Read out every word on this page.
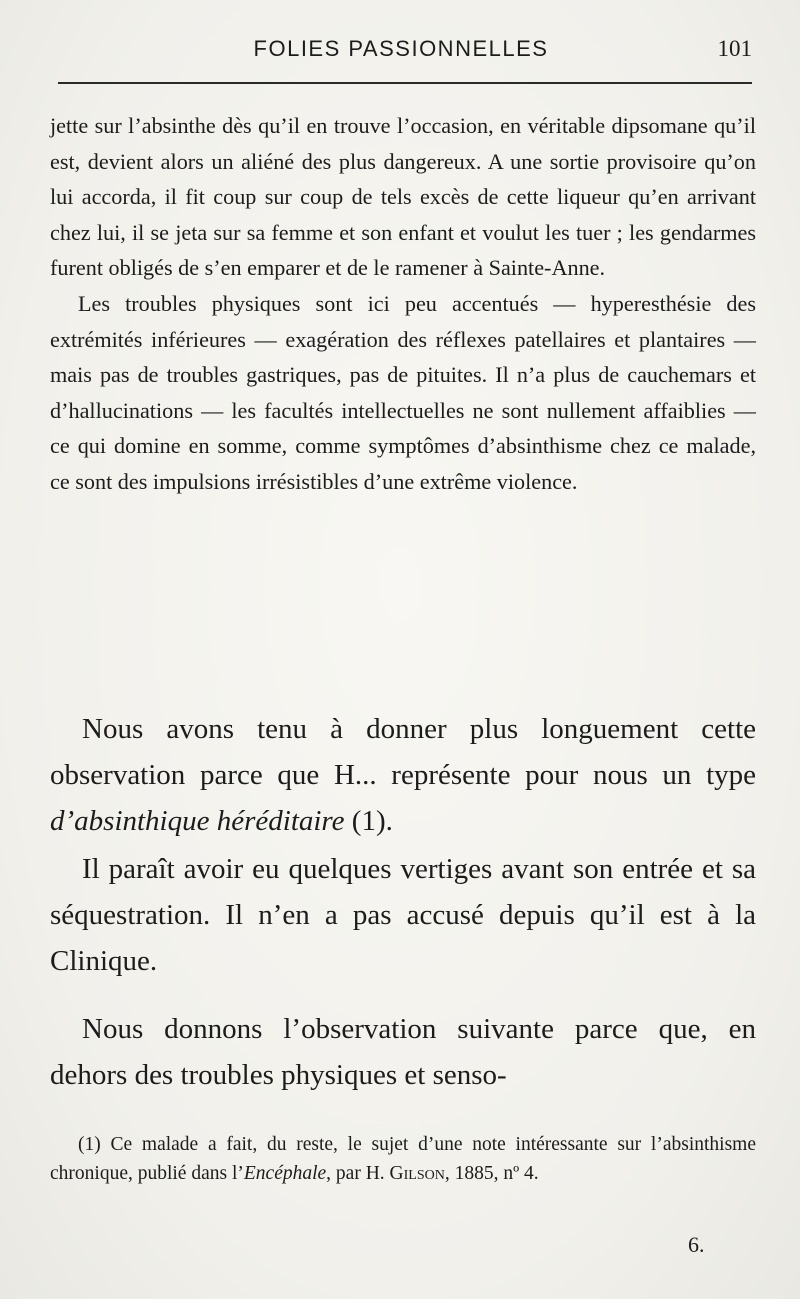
FOLIES PASSIONNELLES	101

jette sur l’absinthe dès qu’il en trouve l’occasion, en véritable dipsomane qu’il est, devient alors un aliéné des plus dangereux. A une sortie provisoire qu’on lui accorda, il fit coup sur coup de tels excès de cette liqueur qu’en arrivant chez lui, il se jeta sur sa femme et son enfant et voulut les tuer ; les gendarmes furent obligés de s’en emparer et de le ramener à Sainte-Anne.

Les troubles physiques sont ici peu accentués — hyperesthésie des extrémités inférieures — exagération des réflexes patellaires et plantaires — mais pas de troubles gastriques, pas de pituites. Il n’a plus de cauchemars et d’hallucinations — les facultés intellectuelles ne sont nullement affaiblies — ce qui domine en somme, comme symptômes d’absinthisme chez ce malade, ce sont des impulsions irrésistibles d’une extrême violence.

Nous avons tenu à donner plus longuement cette observation parce que H... représente pour nous un type d’absinthique héréditaire (1).

Il paraît avoir eu quelques vertiges avant son entrée et sa séquestration. Il n’en a pas accusé depuis qu’il est à la Clinique.

Nous donnons l’observation suivante parce que, en dehors des troubles physiques et senso-

(1) Ce malade a fait, du reste, le sujet d’une note intéressante sur l’absinthisme chronique, publié dans l’Encéphale, par H. Gilson, 1885, nº 4.

6.
